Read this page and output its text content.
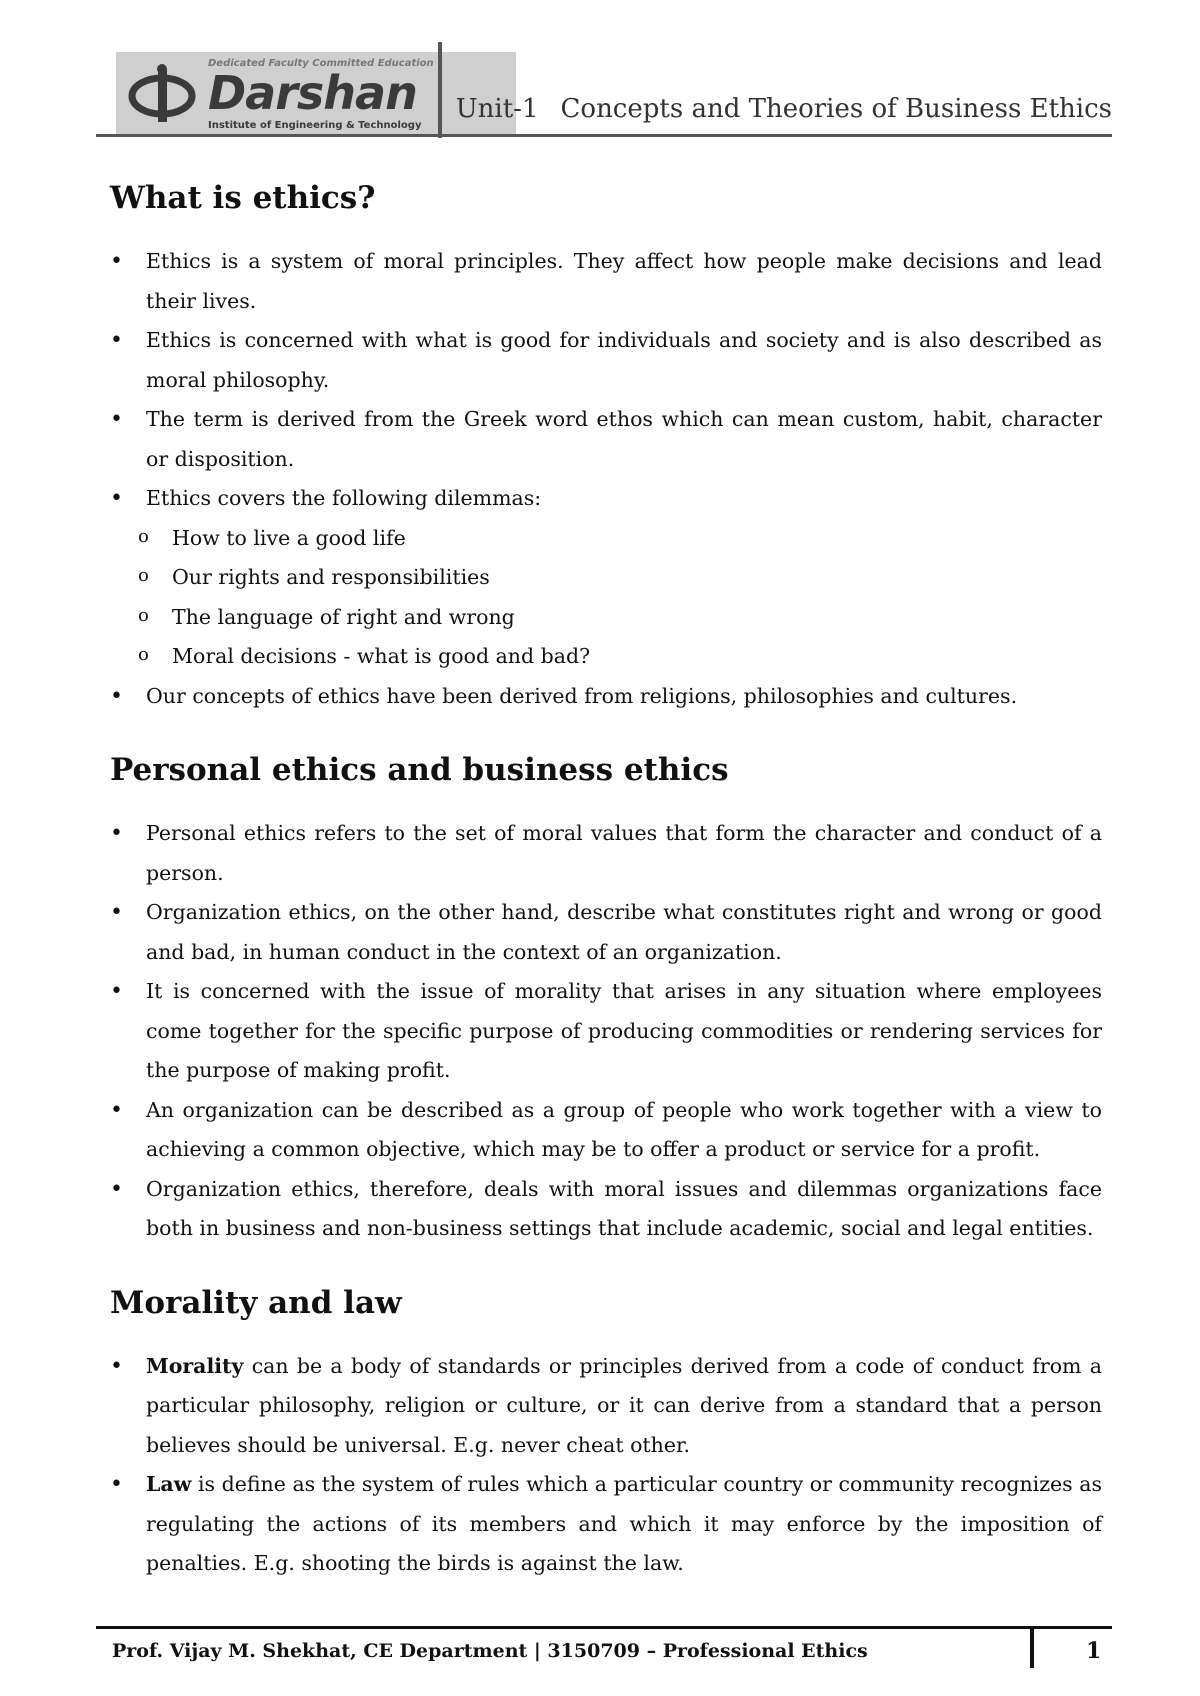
Dedicated Faculty Committed Education
Darshan
Institute of Engineering & Technology
Unit-1 Concepts and Theories of Business Ethics
What is ethics?
• Ethics is a system of moral principles. They affect how people make decisions and lead their lives.
• Ethics is concerned with what is good for individuals and society and is also described as moral philosophy.
• The term is derived from the Greek word ethos which can mean custom, habit, character or disposition.
• Ethics covers the following dilemmas:
o How to live a good life
o Our rights and responsibilities
o The language of right and wrong
o Moral decisions - what is good and bad?
• Our concepts of ethics have been derived from religions, philosophies and cultures.
Personal ethics and business ethics
• Personal ethics refers to the set of moral values that form the character and conduct of a person.
• Organization ethics, on the other hand, describe what constitutes right and wrong or good and bad, in human conduct in the context of an organization.
• It is concerned with the issue of morality that arises in any situation where employees come together for the specific purpose of producing commodities or rendering services for the purpose of making profit.
• An organization can be described as a group of people who work together with a view to achieving a common objective, which may be to offer a product or service for a profit.
• Organization ethics, therefore, deals with moral issues and dilemmas organizations face both in business and non-business settings that include academic, social and legal entities.
Morality and law
• Morality can be a body of standards or principles derived from a code of conduct from a particular philosophy, religion or culture, or it can derive from a standard that a person believes should be universal. E.g. never cheat other.
• Law is define as the system of rules which a particular country or community recognizes as regulating the actions of its members and which it may enforce by the imposition of penalties. E.g. shooting the birds is against the law.
Prof. Vijay M. Shekhat, CE Department | 3150709 – Professional Ethics	1
